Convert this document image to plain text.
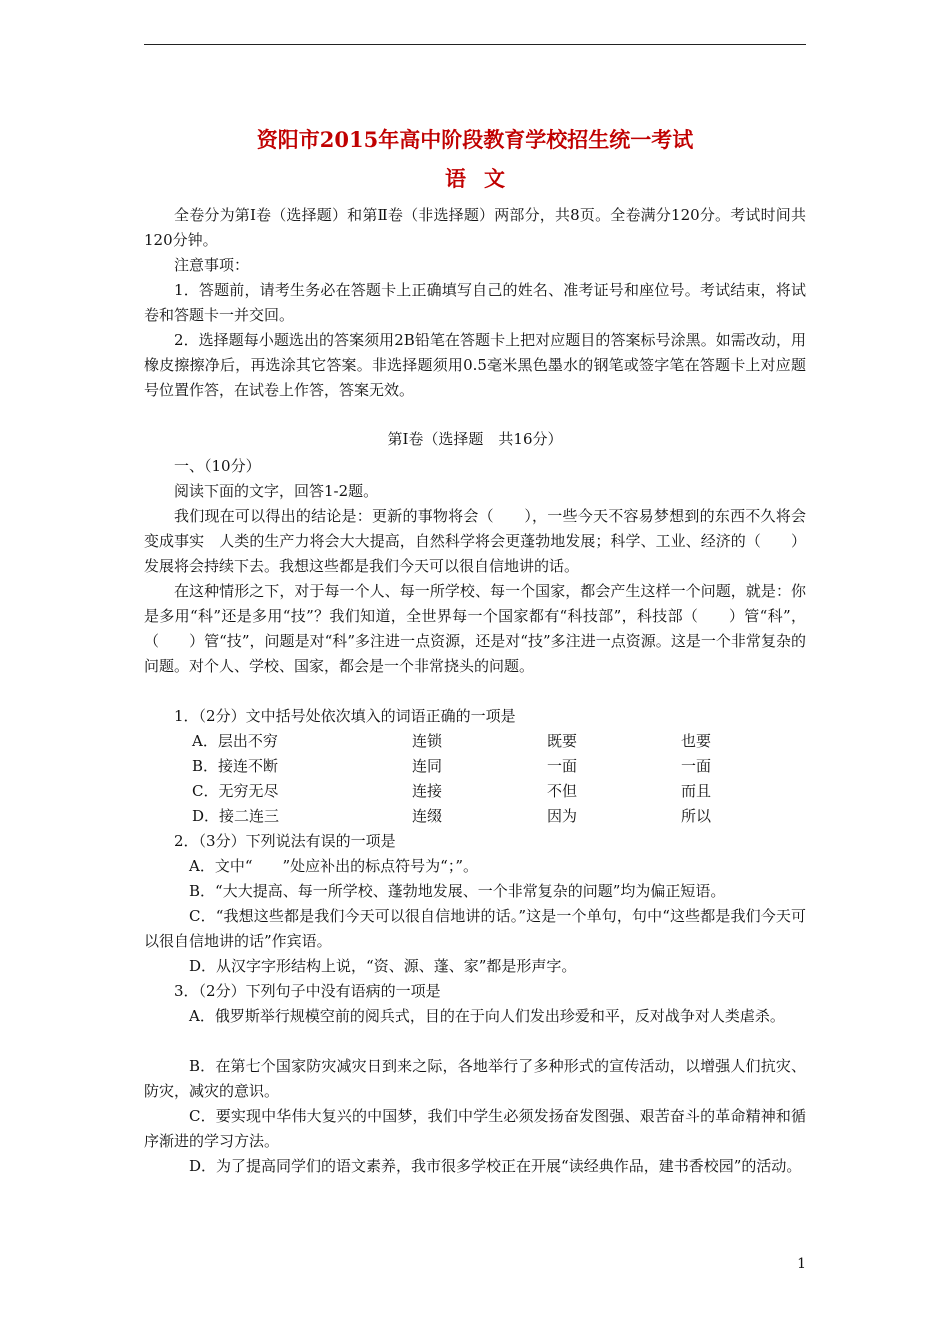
资阳市2015年高中阶段教育学校招生统一考试
语文
全卷分为第Ⅰ卷（选择题）和第Ⅱ卷（非选择题）两部分，共8页。全卷满分120分。考试时间共120分钟。
注意事项：
1．答题前，请考生务必在答题卡上正确填写自己的姓名、准考证号和座位号。考试结束，将试卷和答题卡一并交回。
2．选择题每小题选出的答案须用2B铅笔在答题卡上把对应题目的答案标号涂黑。如需改动，用橡皮擦擦净后，再选涂其它答案。非选择题须用0.5毫米黑色墨水的钢笔或签字笔在答题卡上对应题号位置作答，在试卷上作答，答案无效。
第Ⅰ卷（选择题　共16分）
一、（10分）
阅读下面的文字，回答1-2题。
我们现在可以得出的结论是：更新的事物将会（　　），一些今天不容易梦想到的东西不久将会变成事实　人类的生产力将会大大提高，自然科学将会更蓬勃地发展；科学、工业、经济的（　　）发展将会持续下去。我想这些都是我们今天可以很自信地讲的话。
在这种情形之下，对于每一个人、每一所学校、每一个国家，都会产生这样一个问题，就是：你是多用“科”还是多用“技”？我们知道，全世界每一个国家都有“科技部”，科技部（　　）管“科”，（　　）管“技”，问题是对“科”多注进一点资源，还是对“技”多注进一点资源。这是一个非常复杂的问题。对个人、学校、国家，都会是一个非常挠头的问题。
1．（2分）文中括号处依次填入的词语正确的一项是
A．层出不穷	连锁	既要	也要
B．接连不断	连同	一面	一面
C．无穷无尽	连接	不但	而且
D．接二连三	连缀	因为	所以
2．（3分）下列说法有误的一项是
A．文中“　　”处应补出的标点符号为“；”。
B．“大大提高、每一所学校、蓬勃地发展、一个非常复杂的问题”均为偏正短语。
C．“我想这些都是我们今天可以很自信地讲的话。”这是一个单句，句中“这些都是我们今天可以很自信地讲的话”作宾语。
D．从汉字字形结构上说，“资、源、蓬、家”都是形声字。
3．（2分）下列句子中没有语病的一项是
A．俄罗斯举行规模空前的阅兵式，目的在于向人们发出珍爱和平，反对战争对人类虐杀。
B．在第七个国家防灾减灾日到来之际，各地举行了多种形式的宣传活动，以增强人们抗灾、防灾，减灾的意识。
C．要实现中华伟大复兴的中国梦，我们中学生必须发扬奋发图强、艰苦奋斗的革命精神和循序渐进的学习方法。
D．为了提高同学们的语文素养，我市很多学校正在开展“读经典作品，建书香校园”的活动。
1
